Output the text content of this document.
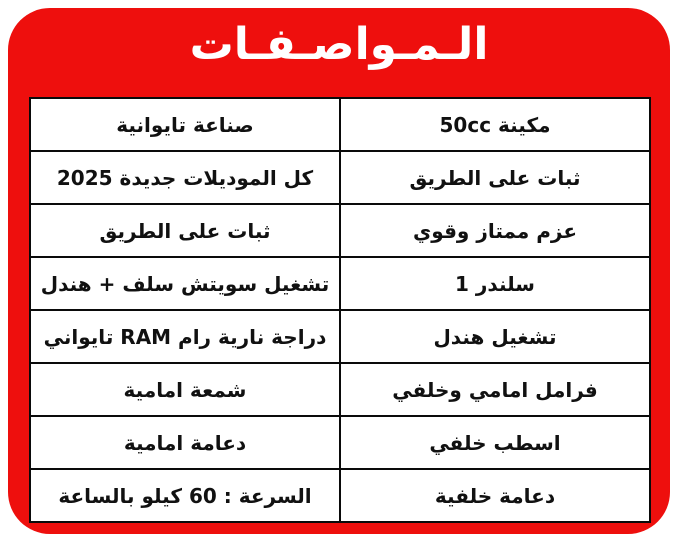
الـمـواصـفـات
مكينة 50cc	صناعة تايوانية
ثبات على الطريق	كل الموديلات جديدة 2025
عزم ممتاز وقوي	ثبات على الطريق
سلندر 1	تشغيل سويتش سلف + هندل
تشغيل هندل	دراجة نارية رام RAM تايواني
فرامل امامي وخلفي	شمعة امامية
اسطب خلفي	دعامة امامية
دعامة خلفية	السرعة : 60 كيلو بالساعة
